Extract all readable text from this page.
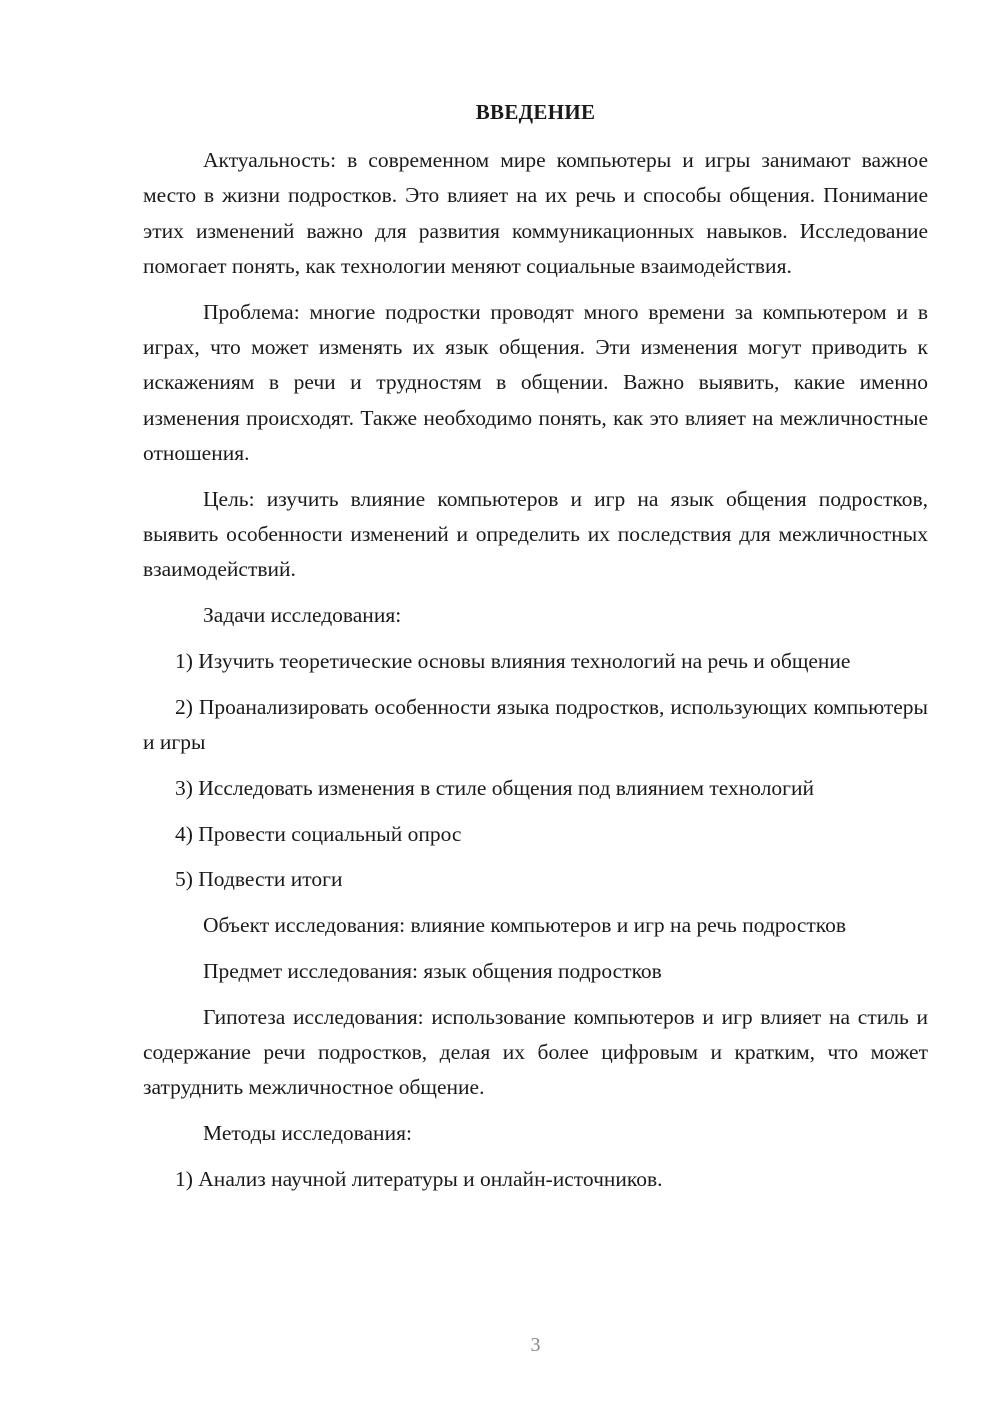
ВВЕДЕНИЕ

Актуальность: в современном мире компьютеры и игры занимают важное место в жизни подростков. Это влияет на их речь и способы общения. Понимание этих изменений важно для развития коммуникационных навыков. Исследование помогает понять, как технологии меняют социальные взаимодействия.

Проблема: многие подростки проводят много времени за компьютером и в играх, что может изменять их язык общения. Эти изменения могут приводить к искажениям в речи и трудностям в общении. Важно выявить, какие именно изменения происходят. Также необходимо понять, как это влияет на межличностные отношения.

Цель: изучить влияние компьютеров и игр на язык общения подростков, выявить особенности изменений и определить их последствия для межличностных взаимодействий.

Задачи исследования:

1) Изучить теоретические основы влияния технологий на речь и общение

2) Проанализировать особенности языка подростков, использующих компьютеры и игры

3) Исследовать изменения в стиле общения под влиянием технологий

4) Провести социальный опрос

5) Подвести итоги

Объект исследования: влияние компьютеров и игр на речь подростков

Предмет исследования: язык общения подростков

Гипотеза исследования: использование компьютеров и игр влияет на стиль и содержание речи подростков, делая их более цифровым и кратким, что может затруднить межличностное общение.

Методы исследования:

1) Анализ научной литературы и онлайн-источников.

3
